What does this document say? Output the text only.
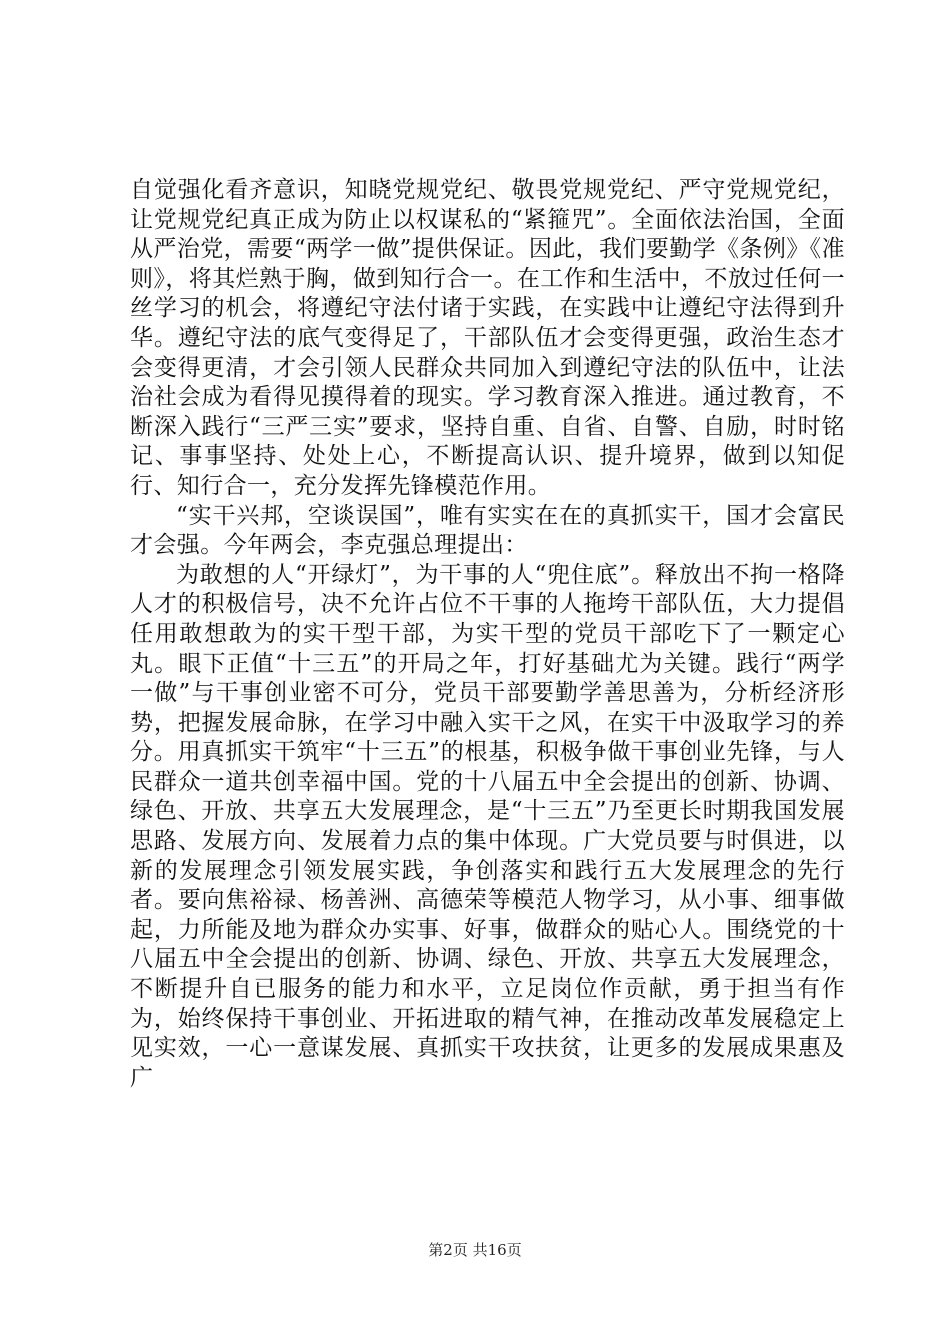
自觉强化看齐意识，知晓党规党纪、敬畏党规党纪、严守党规党纪，让党规党纪真正成为防止以权谋私的“紧箍咒”。全面依法治国，全面从严治党，需要“两学一做”提供保证。因此，我们要勤学《条例》《准则》，将其烂熟于胸，做到知行合一。在工作和生活中，不放过任何一丝学习的机会，将遵纪守法付诸于实践，在实践中让遵纪守法得到升华。遵纪守法的底气变得足了，干部队伍才会变得更强，政治生态才会变得更清，才会引领人民群众共同加入到遵纪守法的队伍中，让法治社会成为看得见摸得着的现实。学习教育深入推进。通过教育，不断深入践行“三严三实”要求，坚持自重、自省、自警、自励，时时铭记、事事坚持、处处上心，不断提高认识、提升境界，做到以知促行、知行合一，充分发挥先锋模范作用。

“实干兴邦，空谈误国”，唯有实实在在的真抓实干，国才会富民才会强。今年两会，李克强总理提出：

为敢想的人“开绿灯”，为干事的人“兜住底”。释放出不拘一格降人才的积极信号，决不允许占位不干事的人拖垮干部队伍，大力提倡任用敢想敢为的实干型干部，为实干型的党员干部吃下了一颗定心丸。眼下正值“十三五”的开局之年，打好基础尤为关键。践行“两学一做”与干事创业密不可分，党员干部要勤学善思善为，分析经济形势，把握发展命脉，在学习中融入实干之风，在实干中汲取学习的养分。用真抓实干筑牢“十三五”的根基，积极争做干事创业先锋，与人民群众一道共创幸福中国。党的十八届五中全会提出的创新、协调、绿色、开放、共享五大发展理念，是“十三五”乃至更长时期我国发展思路、发展方向、发展着力点的集中体现。广大党员要与时俱进，以新的发展理念引领发展实践，争创落实和践行五大发展理念的先行者。要向焦裕禄、杨善洲、高德荣等模范人物学习，从小事、细事做起，力所能及地为群众办实事、好事，做群众的贴心人。围绕党的十八届五中全会提出的创新、协调、绿色、开放、共享五大发展理念，不断提升自已服务的能力和水平，立足岗位作贡献，勇于担当有作为，始终保持干事创业、开拓进取的精气神，在推动改革发展稳定上见实效，一心一意谋发展、真抓实干攻扶贫，让更多的发展成果惠及广

第2页 共16页
